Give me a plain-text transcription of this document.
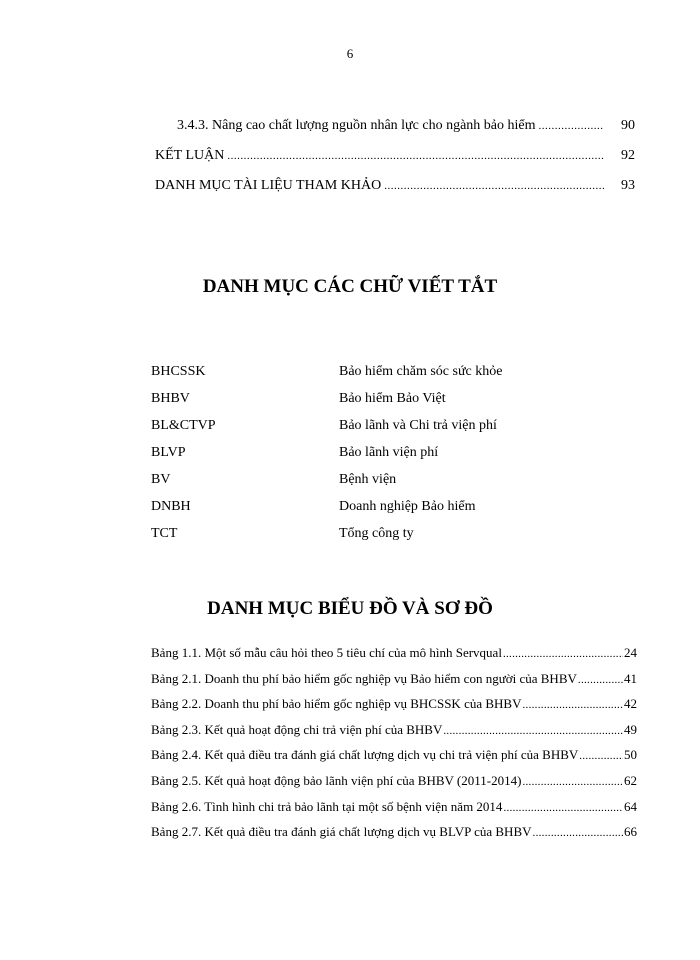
6
3.4.3. Nâng cao chất lượng nguồn nhân lực cho ngành bảo hiểm .....	90
KẾT LUẬN .....	92
DANH MỤC TÀI LIỆU THAM KHẢO .....	93
DANH MỤC CÁC CHỮ VIẾT TẮT
BHCSSK	Bảo hiểm chăm sóc sức khỏe
BHBV	Bảo hiểm Bảo Việt
BL&CTVP	Bảo lãnh và Chi trả viện phí
BLVP	Bảo lãnh viện phí
BV	Bệnh viện
DNBH	Doanh nghiệp Bảo hiểm
TCT	Tổng công ty
DANH MỤC BIỂU ĐỒ VÀ SƠ ĐỒ
Bảng 1.1. Một số mẫu câu hỏi theo 5 tiêu chí của mô hình Servqual .....	24
Bảng 2.1. Doanh thu phí bảo hiểm gốc nghiệp vụ Bảo hiểm con người của BHBV .....	41
Bảng 2.2. Doanh thu phí bảo hiểm gốc nghiệp vụ BHCSSK của BHBV .....	42
Bảng 2.3. Kết quả hoạt động chi trả viện phí của BHBV .....	49
Bảng 2.4. Kết quả điều tra đánh giá chất lượng dịch vụ chi trả viện phí của BHBV .....	50
Bảng 2.5. Kết quả hoạt động bảo lãnh viện phí của BHBV (2011-2014) .....	62
Bảng 2.6. Tình hình chi trả bảo lãnh tại một số bệnh viện năm 2014 .....	64
Bảng 2.7. Kết quả điều tra đánh giá chất lượng dịch vụ BLVP của BHBV .....	66
